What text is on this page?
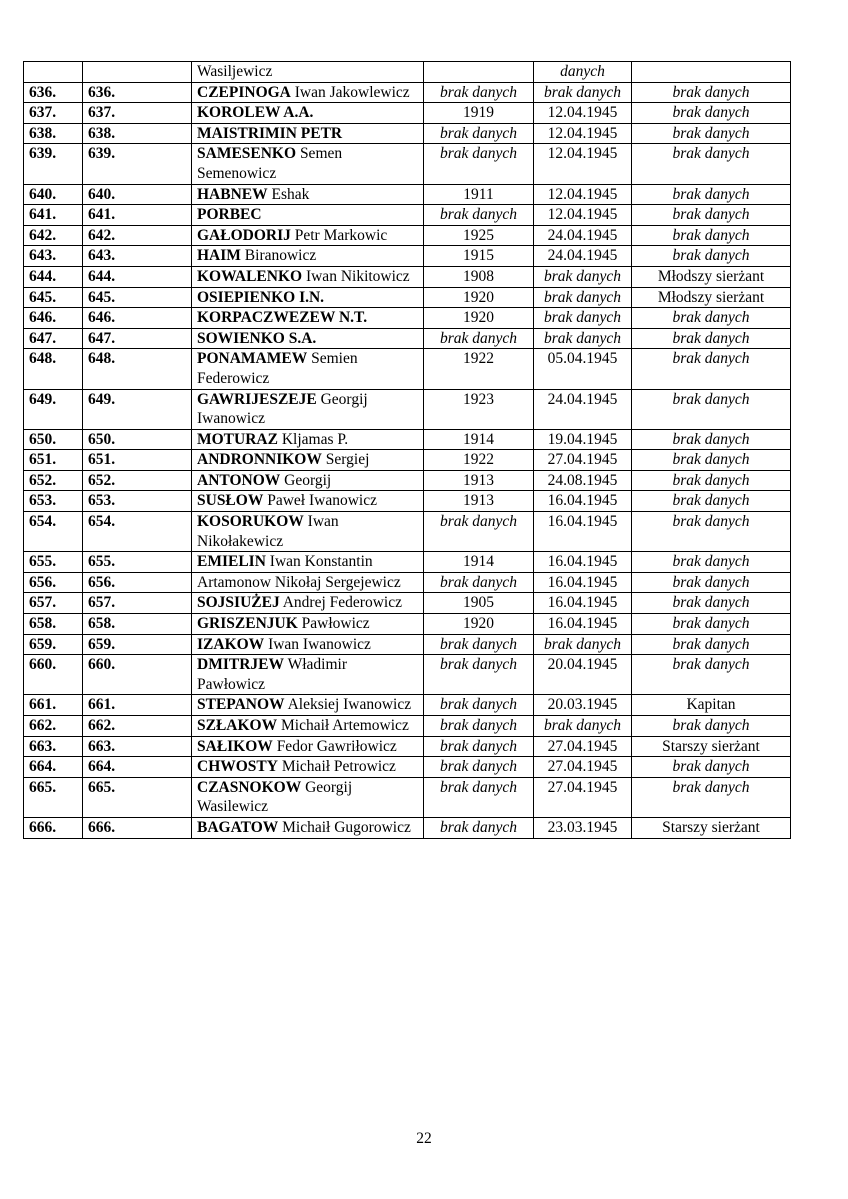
		Wasiljewicz		danych	
636.	636.	CZEPINOGA Iwan Jakowlewicz	brak danych	brak danych	brak danych
637.	637.	KOROLEW A.A.	1919	12.04.1945	brak danych
638.	638.	MAISTRIMIN PETR	brak danych	12.04.1945	brak danych
639.	639.	SAMESENKO Semen Semenowicz	brak danych	12.04.1945	brak danych
640.	640.	HABNEW Eshak	1911	12.04.1945	brak danych
641.	641.	PORBEC	brak danych	12.04.1945	brak danych
642.	642.	GAŁODORIJ Petr Markowic	1925	24.04.1945	brak danych
643.	643.	HAIM Biranowicz	1915	24.04.1945	brak danych
644.	644.	KOWALENKO Iwan Nikitowicz	1908	brak danych	Młodszy sierżant
645.	645.	OSIEPIENKO I.N.	1920	brak danych	Młodszy sierżant
646.	646.	KORPACZWEZEW N.T.	1920	brak danych	brak danych
647.	647.	SOWIENKO S.A.	brak danych	brak danych	brak danych
648.	648.	PONAMAMEW Semien Federowicz	1922	05.04.1945	brak danych
649.	649.	GAWRIJESZEJE Georgij Iwanowicz	1923	24.04.1945	brak danych
650.	650.	MOTURAZ Kljamas P.	1914	19.04.1945	brak danych
651.	651.	ANDRONNIKOW Sergiej	1922	27.04.1945	brak danych
652.	652.	ANTONOW Georgij	1913	24.08.1945	brak danych
653.	653.	SUSŁOW Paweł Iwanowicz	1913	16.04.1945	brak danych
654.	654.	KOSORUKOW Iwan Nikołakewicz	brak danych	16.04.1945	brak danych
655.	655.	EMIELIN Iwan Konstantin	1914	16.04.1945	brak danych
656.	656.	Artamonow Nikołaj Sergejewicz	brak danych	16.04.1945	brak danych
657.	657.	SOJSIUŻEJ Andrej Federowicz	1905	16.04.1945	brak danych
658.	658.	GRISZENJUK Pawłowicz	1920	16.04.1945	brak danych
659.	659.	IZAKOW Iwan Iwanowicz	brak danych	brak danych	brak danych
660.	660.	DMITRJEW Władimir Pawłowicz	brak danych	20.04.1945	brak danych
661.	661.	STEPANOW Aleksiej Iwanowicz	brak danych	20.03.1945	Kapitan
662.	662.	SZŁAKOW Michaił Artemowicz	brak danych	brak danych	brak danych
663.	663.	SAŁIKOW Fedor Gawriłowicz	brak danych	27.04.1945	Starszy sierżant
664.	664.	CHWOSTY Michaił Petrowicz	brak danych	27.04.1945	brak danych
665.	665.	CZASNOKOW Georgij Wasilewicz	brak danych	27.04.1945	brak danych
666.	666.	BAGATOW Michaił Gugorowicz	brak danych	23.03.1945	Starszy sierżant
22
